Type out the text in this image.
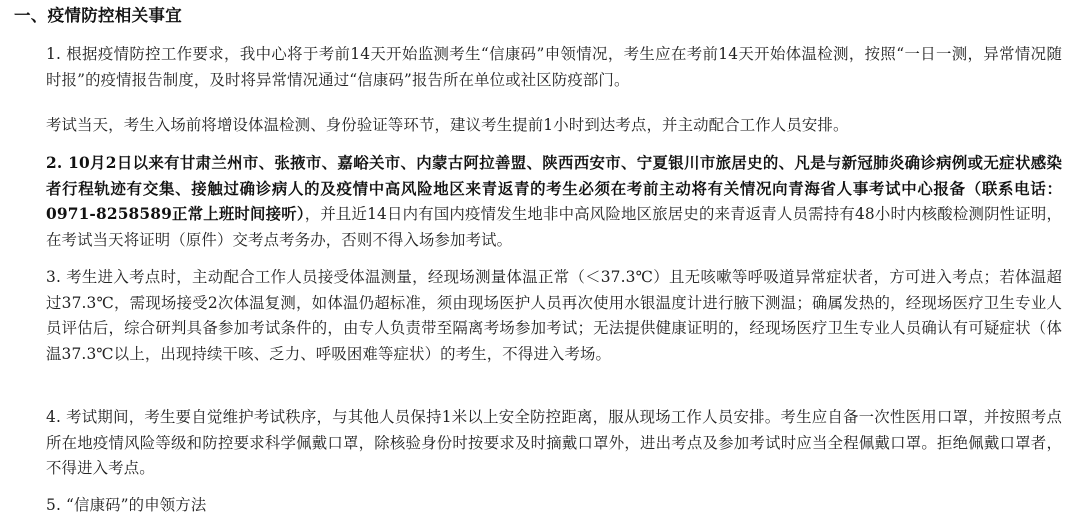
一、疫情防控相关事宜
1. 根据疫情防控工作要求，我中心将于考前14天开始监测考生“信康码”申领情况，考生应在考前14天开始体温检测，按照“一日一测，异常情况随时报”的疫情报告制度，及时将异常情况通过“信康码”报告所在单位或社区防疫部门。
考试当天，考生入场前将增设体温检测、身份验证等环节，建议考生提前1小时到达考点，并主动配合工作人员安排。
2. 10月2日以来有甘肃兰州市、张掖市、嘉峪关市、内蒙古阿拉善盟、陕西西安市、宁夏银川市旅居史的、凡是与新冠肺炎确诊病例或无症状感染者行程轨迹有交集、接触过确诊病人的及疫情中高风险地区来青返青的考生必须在考前主动将有关情况向青海省人事考试中心报备（联系电话：0971-8258589正常上班时间接听），并且近14日内有国内疫情发生地非中高风险地区旅居史的来青返青人员需持有48小时内核酸检测阴性证明，在考试当天将证明（原件）交考点考务办，否则不得入场参加考试。
3. 考生进入考点时，主动配合工作人员接受体温测量，经现场测量体温正常（＜37.3℃）且无咳嗽等呼吸道异常症状者，方可进入考点；若体温超过37.3℃，需现场接受2次体温复测，如体温仍超标准，须由现场医护人员再次使用水银温度计进行腋下测温；确属发热的，经现场医疗卫生专业人员评估后，综合研判具备参加考试条件的，由专人负责带至隔离考场参加考试；无法提供健康证明的，经现场医疗卫生专业人员确认有可疑症状（体温37.3℃以上，出现持续干咳、乏力、呼吸困难等症状）的考生，不得进入考场。
4. 考试期间，考生要自觉维护考试秩序，与其他人员保持1米以上安全防控距离，服从现场工作人员安排。考生应自备一次性医用口罩，并按照考点所在地疫情风险等级和防控要求科学佩戴口罩，除核验身份时按要求及时摘戴口罩外，进出考点及参加考试时应当全程佩戴口罩。拒绝佩戴口罩者，不得进入考点。
5. “信康码”的申领方法
